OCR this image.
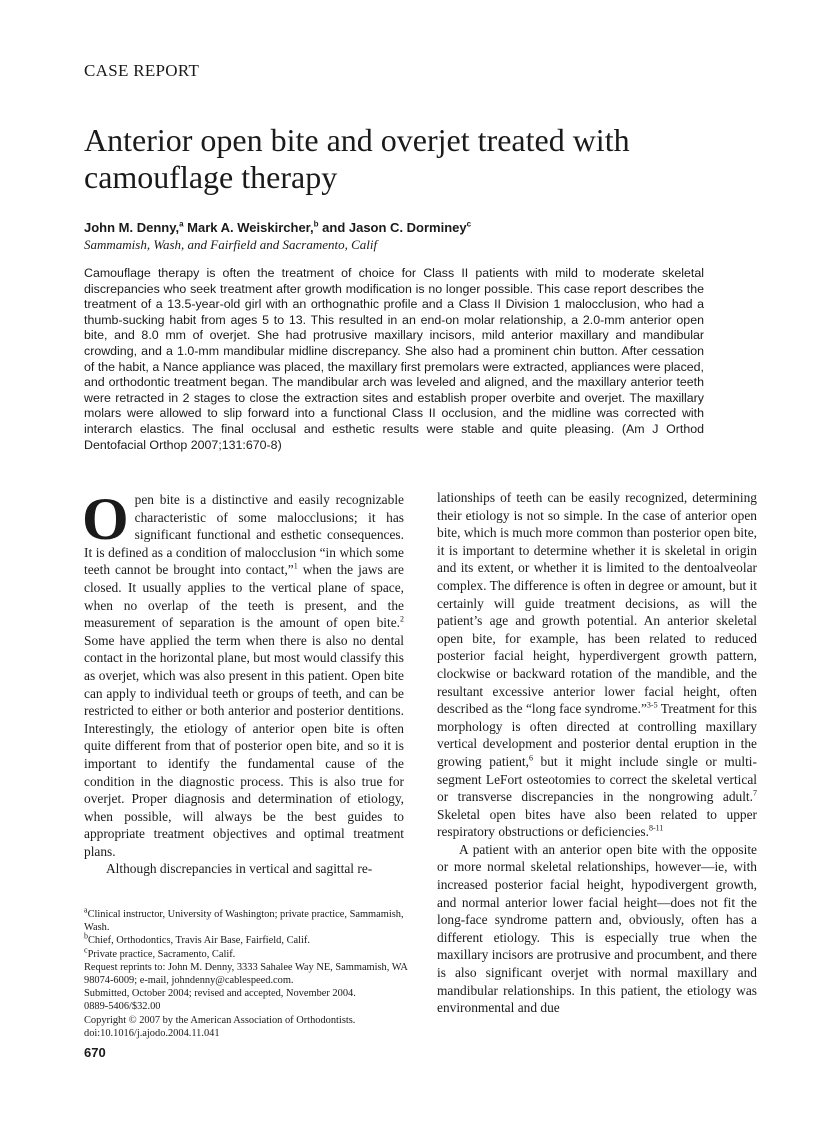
CASE REPORT
Anterior open bite and overjet treated with camouflage therapy
John M. Denny,$^a$ Mark A. Weiskircher,$^b$ and Jason C. Dorminey$^c$
Sammamish, Wash, and Fairfield and Sacramento, Calif

Camouflage therapy is often the treatment of choice for Class II patients with mild to moderate skeletal discrepancies who seek treatment after growth modification is no longer possible. This case report describes the treatment of a 13.5-year-old girl with an orthognathic profile and a Class II Division 1 malocclusion, who had a thumb-sucking habit from ages 5 to 13. This resulted in an end-on molar relationship, a 2.0-mm anterior open bite, and 8.0 mm of overjet. She had protrusive maxillary incisors, mild anterior maxillary and mandibular crowding, and a 1.0-mm mandibular midline discrepancy. She also had a prominent chin button. After cessation of the habit, a Nance appliance was placed, the maxillary first premolars were extracted, appliances were placed, and orthodontic treatment began. The mandibular arch was leveled and aligned, and the maxillary anterior teeth were retracted in 2 stages to close the extraction sites and establish proper overbite and overjet. The maxillary molars were allowed to slip forward into a functional Class II occlusion, and the midline was corrected with interarch elastics. The final occlusal and esthetic results were stable and quite pleasing. (Am J Orthod Dentofacial Orthop 2007;131:670-8)

Open bite is a distinctive and easily recognizable characteristic of some malocclusions; it has significant functional and esthetic consequences. It is defined as a condition of malocclusion “in which some teeth cannot be brought into contact,”$^1$ when the jaws are closed. It usually applies to the vertical plane of space, when no overlap of the teeth is present, and the measurement of separation is the amount of open bite.$^2$ Some have applied the term when there is also no dental contact in the horizontal plane, but most would classify this as overjet, which was also present in this patient. Open bite can apply to individual teeth or groups of teeth, and can be restricted to either or both anterior and posterior dentitions. Interestingly, the etiology of anterior open bite is often quite different from that of posterior open bite, and so it is important to identify the fundamental cause of the condition in the diagnostic process. This is also true for overjet. Proper diagnosis and determination of etiology, when possible, will always be the best guides to appropriate treatment objectives and optimal treatment plans.

Although discrepancies in vertical and sagittal re-

lationships of teeth can be easily recognized, determining their etiology is not so simple. In the case of anterior open bite, which is much more common than posterior open bite, it is important to determine whether it is skeletal in origin and its extent, or whether it is limited to the dentoalveolar complex. The difference is often in degree or amount, but it certainly will guide treatment decisions, as will the patient’s age and growth potential. An anterior skeletal open bite, for example, has been related to reduced posterior facial height, hyperdivergent growth pattern, clockwise or backward rotation of the mandible, and the resultant excessive anterior lower facial height, often described as the “long face syndrome.”$^{3-5}$ Treatment for this morphology is often directed at controlling maxillary vertical development and posterior dental eruption in the growing patient,$^6$ but it might include single or multi-segment LeFort osteotomies to correct the skeletal vertical or transverse discrepancies in the nongrowing adult.$^7$ Skeletal open bites have also been related to upper respiratory obstructions or deficiencies.$^{8-11}$

A patient with an anterior open bite with the opposite or more normal skeletal relationships, however—ie, with increased posterior facial height, hypodivergent growth, and normal anterior lower facial height—does not fit the long-face syndrome pattern and, obviously, often has a different etiology. This is especially true when the maxillary incisors are protrusive and procumbent, and there is also significant overjet with normal maxillary and mandibular relationships. In this patient, the etiology was environmental and due

$^a$Clinical instructor, University of Washington; private practice, Sammamish, Wash.
$^b$Chief, Orthodontics, Travis Air Base, Fairfield, Calif.
$^c$Private practice, Sacramento, Calif.
Request reprints to: John M. Denny, 3333 Sahalee Way NE, Sammamish, WA 98074-6009; e-mail, johndenny@cablespeed.com.
Submitted, October 2004; revised and accepted, November 2004.
0889-5406/$32.00
Copyright © 2007 by the American Association of Orthodontists.
doi:10.1016/j.ajodo.2004.11.041
670
